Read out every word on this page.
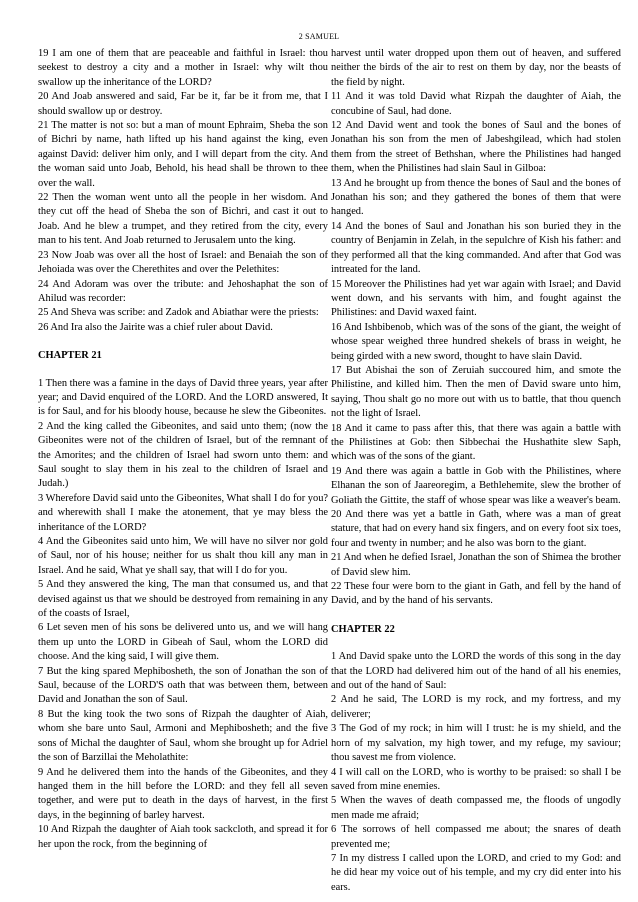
2 SAMUEL

19 I am one of them that are peaceable and faithful in Israel: thou seekest to destroy a city and a mother in Israel: why wilt thou swallow up the inheritance of the LORD?

20 And Joab answered and said, Far be it, far be it from me, that I should swallow up or destroy.

21 The matter is not so: but a man of mount Ephraim, Sheba the son of Bichri by name, hath lifted up his hand against the king, even against David: deliver him only, and I will depart from the city. And the woman said unto Joab, Behold, his head shall be thrown to thee over the wall.

22 Then the woman went unto all the people in her wisdom. And they cut off the head of Sheba the son of Bichri, and cast it out to Joab. And he blew a trumpet, and they retired from the city, every man to his tent. And Joab returned to Jerusalem unto the king.

23 Now Joab was over all the host of Israel: and Benaiah the son of Jehoiada was over the Cherethites and over the Pelethites:

24 And Adoram was over the tribute: and Jehoshaphat the son of Ahilud was recorder:

25 And Sheva was scribe: and Zadok and Abiathar were the priests:

26 And Ira also the Jairite was a chief ruler about David.

CHAPTER 21

1 Then there was a famine in the days of David three years, year after year; and David enquired of the LORD. And the LORD answered, It is for Saul, and for his bloody house, because he slew the Gibeonites.

2 And the king called the Gibeonites, and said unto them; (now the Gibeonites were not of the children of Israel, but of the remnant of the Amorites; and the children of Israel had sworn unto them: and Saul sought to slay them in his zeal to the children of Israel and Judah.)

3 Wherefore David said unto the Gibeonites, What shall I do for you? and wherewith shall I make the atonement, that ye may bless the inheritance of the LORD?

4 And the Gibeonites said unto him, We will have no silver nor gold of Saul, nor of his house; neither for us shalt thou kill any man in Israel. And he said, What ye shall say, that will I do for you.

5 And they answered the king, The man that consumed us, and that devised against us that we should be destroyed from remaining in any of the coasts of Israel,

6 Let seven men of his sons be delivered unto us, and we will hang them up unto the LORD in Gibeah of Saul, whom the LORD did choose. And the king said, I will give them.

7 But the king spared Mephibosheth, the son of Jonathan the son of Saul, because of the LORD'S oath that was between them, between David and Jonathan the son of Saul.

8 But the king took the two sons of Rizpah the daughter of Aiah, whom she bare unto Saul, Armoni and Mephibosheth; and the five sons of Michal the daughter of Saul, whom she brought up for Adriel the son of Barzillai the Meholathite:

9 And he delivered them into the hands of the Gibeonites, and they hanged them in the hill before the LORD: and they fell all seven together, and were put to death in the days of harvest, in the first days, in the beginning of barley harvest.

10 And Rizpah the daughter of Aiah took sackcloth, and spread it for her upon the rock, from the beginning of

harvest until water dropped upon them out of heaven, and suffered neither the birds of the air to rest on them by day, nor the beasts of the field by night.

11 And it was told David what Rizpah the daughter of Aiah, the concubine of Saul, had done.

12 And David went and took the bones of Saul and the bones of Jonathan his son from the men of Jabeshgilead, which had stolen them from the street of Bethshan, where the Philistines had hanged them, when the Philistines had slain Saul in Gilboa:

13 And he brought up from thence the bones of Saul and the bones of Jonathan his son; and they gathered the bones of them that were hanged.

14 And the bones of Saul and Jonathan his son buried they in the country of Benjamin in Zelah, in the sepulchre of Kish his father: and they performed all that the king commanded. And after that God was intreated for the land.

15 Moreover the Philistines had yet war again with Israel; and David went down, and his servants with him, and fought against the Philistines: and David waxed faint.

16 And Ishbibenob, which was of the sons of the giant, the weight of whose spear weighed three hundred shekels of brass in weight, he being girded with a new sword, thought to have slain David.

17 But Abishai the son of Zeruiah succoured him, and smote the Philistine, and killed him. Then the men of David sware unto him, saying, Thou shalt go no more out with us to battle, that thou quench not the light of Israel.

18 And it came to pass after this, that there was again a battle with the Philistines at Gob: then Sibbechai the Hushathite slew Saph, which was of the sons of the giant.

19 And there was again a battle in Gob with the Philistines, where Elhanan the son of Jaareoregim, a Bethlehemite, slew the brother of Goliath the Gittite, the staff of whose spear was like a weaver's beam.

20 And there was yet a battle in Gath, where was a man of great stature, that had on every hand six fingers, and on every foot six toes, four and twenty in number; and he also was born to the giant.

21 And when he defied Israel, Jonathan the son of Shimea the brother of David slew him.

22 These four were born to the giant in Gath, and fell by the hand of David, and by the hand of his servants.

CHAPTER 22

1 And David spake unto the LORD the words of this song in the day that the LORD had delivered him out of the hand of all his enemies, and out of the hand of Saul:

2 And he said, The LORD is my rock, and my fortress, and my deliverer;

3 The God of my rock; in him will I trust: he is my shield, and the horn of my salvation, my high tower, and my refuge, my saviour; thou savest me from violence.

4 I will call on the LORD, who is worthy to be praised: so shall I be saved from mine enemies.

5 When the waves of death compassed me, the floods of ungodly men made me afraid;

6 The sorrows of hell compassed me about; the snares of death prevented me;

7 In my distress I called upon the LORD, and cried to my God: and he did hear my voice out of his temple, and my cry did enter into his ears.
